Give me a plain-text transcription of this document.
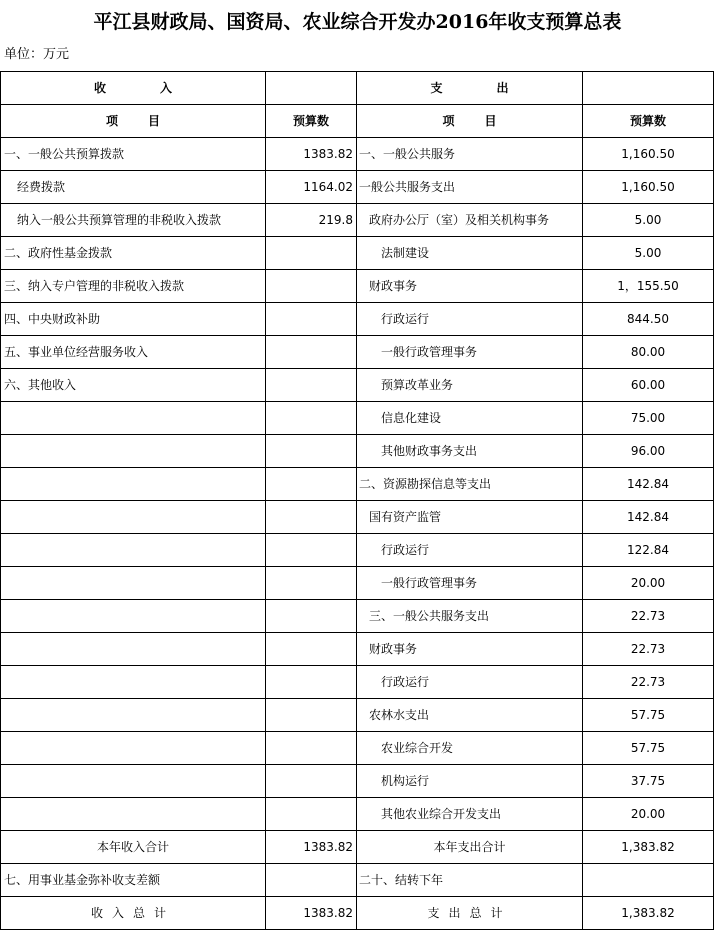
平江县财政局、国资局、农业综合开发办2016年收支预算总表
单位：万元
收 入		支 出	
项 目	预算数	项 目	预算数
一、一般公共预算拨款	1383.82	一、一般公共服务	1,160.50
经费拨款	1164.02	一般公共服务支出	1,160.50
纳入一般公共预算管理的非税收入拨款	219.8	政府办公厅（室）及相关机构事务	5.00
二、政府性基金拨款		法制建设	5.00
三、纳入专户管理的非税收入拨款		财政事务	1，155.50
四、中央财政补助		行政运行	844.50
五、事业单位经营服务收入		一般行政管理事务	80.00
六、其他收入		预算改革业务	60.00
		信息化建设	75.00
		其他财政事务支出	96.00
		二、资源勘探信息等支出	142.84
		国有资产监管	142.84
		行政运行	122.84
		一般行政管理事务	20.00
		三、一般公共服务支出	22.73
		财政事务	22.73
		行政运行	22.73
		农林水支出	57.75
		农业综合开发	57.75
		机构运行	37.75
		其他农业综合开发支出	20.00
本年收入合计	1383.82	本年支出合计	1,383.82
七、用事业基金弥补收支差额		二十、结转下年	
收入总计	1383.82	支出总计	1,383.82
